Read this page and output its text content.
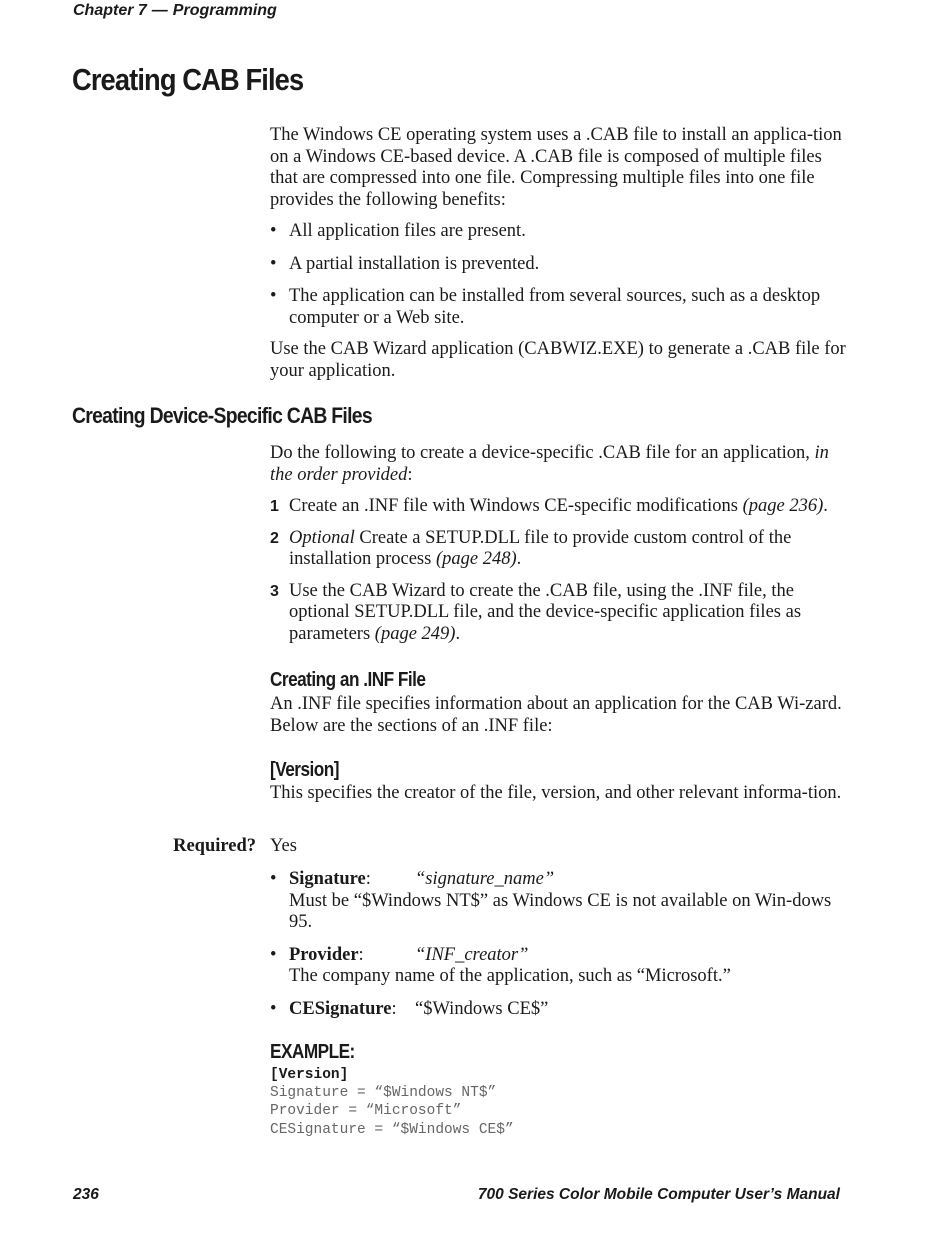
Chapter 7 — Programming
Creating CAB Files

The Windows CE operating system uses a .CAB file to install an applica-tion on a Windows CE-based device. A .CAB file is composed of multiple files that are compressed into one file. Compressing multiple files into one file provides the following benefits:

• All application files are present.

• A partial installation is prevented.

• The application can be installed from several sources, such as a desktop computer or a Web site.

Use the CAB Wizard application (CABWIZ.EXE) to generate a .CAB file for your application.

Creating Device-Specific CAB Files

Do the following to create a device-specific .CAB file for an application, in the order provided:

1 Create an .INF file with Windows CE-specific modifications (page 236).

2 Optional Create a SETUP.DLL file to provide custom control of the installation process (page 248).

3 Use the CAB Wizard to create the .CAB file, using the .INF file, the optional SETUP.DLL file, and the device-specific application files as parameters (page 249).

Creating an .INF File

An .INF file specifies information about an application for the CAB Wi-zard. Below are the sections of an .INF file:

[Version]

This specifies the creator of the file, version, and other relevant informa-tion.

Required? Yes
• Signature: “signature_name”
Must be “$Windows NT$” as Windows CE is not available on Win-dows 95.
• Provider:	“INF_creator”
The company name of the application, such as “Microsoft.”
• CESignature: “$Windows CE$”
EXAMPLE:
[Version]
Signature = “$Windows NT$”
Provider = “Microsoft”
CESignature = “$Windows CE$”
236	700 Series Color Mobile Computer User’s Manual
